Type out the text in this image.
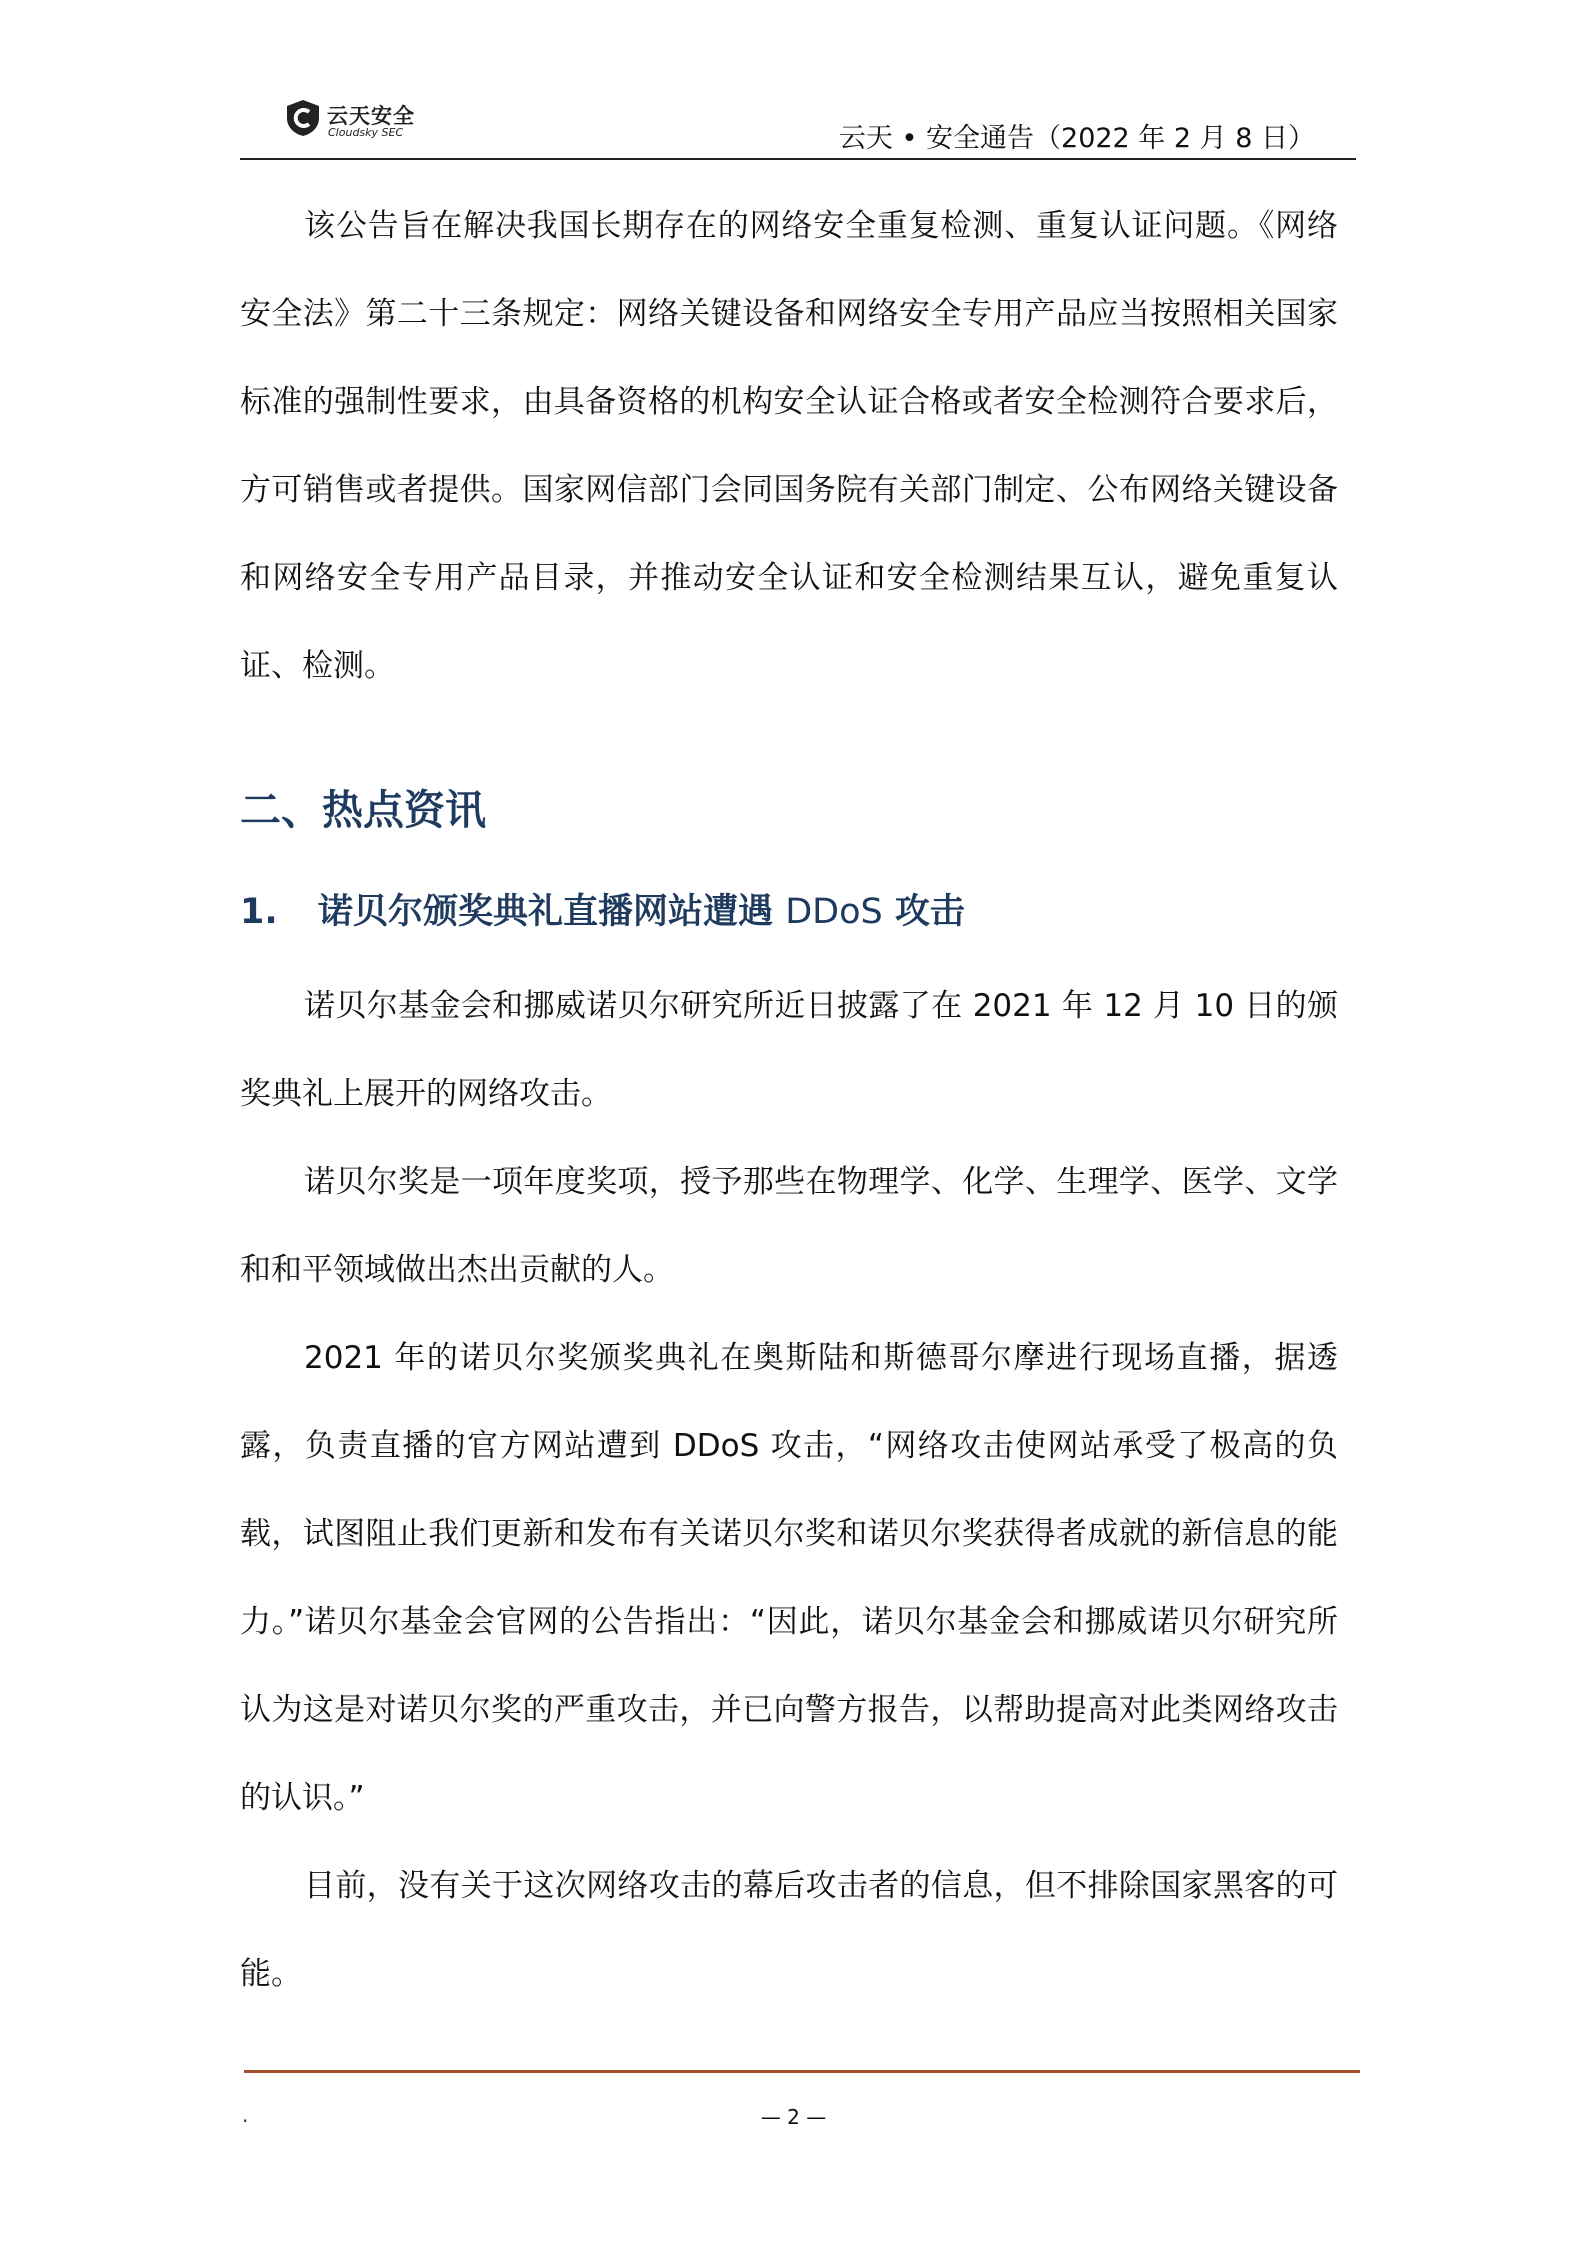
云天安全
Cloudsky SEC	云天 • 安全通告（2022 年 2 月 8 日）

该公告旨在解决我国长期存在的网络安全重复检测、重复认证问题。《网络安全法》第二十三条规定：网络关键设备和网络安全专用产品应当按照相关国家标准的强制性要求，由具备资格的机构安全认证合格或者安全检测符合要求后，方可销售或者提供。国家网信部门会同国务院有关部门制定、公布网络关键设备和网络安全专用产品目录，并推动安全认证和安全检测结果互认，避免重复认证、检测。

二、热点资讯
1. 诺贝尔颁奖典礼直播网站遭遇 DDoS 攻击

诺贝尔基金会和挪威诺贝尔研究所近日披露了在 2021 年 12 月 10 日的颁奖典礼上展开的网络攻击。

诺贝尔奖是一项年度奖项，授予那些在物理学、化学、生理学、医学、文学和和平领域做出杰出贡献的人。

2021 年的诺贝尔奖颁奖典礼在奥斯陆和斯德哥尔摩进行现场直播，据透露，负责直播的官方网站遭到 DDoS 攻击，“网络攻击使网站承受了极高的负载，试图阻止我们更新和发布有关诺贝尔奖和诺贝尔奖获得者成就的新信息的能力。”诺贝尔基金会官网的公告指出：“因此，诺贝尔基金会和挪威诺贝尔研究所认为这是对诺贝尔奖的严重攻击，并已向警方报告，以帮助提高对此类网络攻击的认识。”

目前，没有关于这次网络攻击的幕后攻击者的信息，但不排除国家黑客的可能。

.	— 2 —
